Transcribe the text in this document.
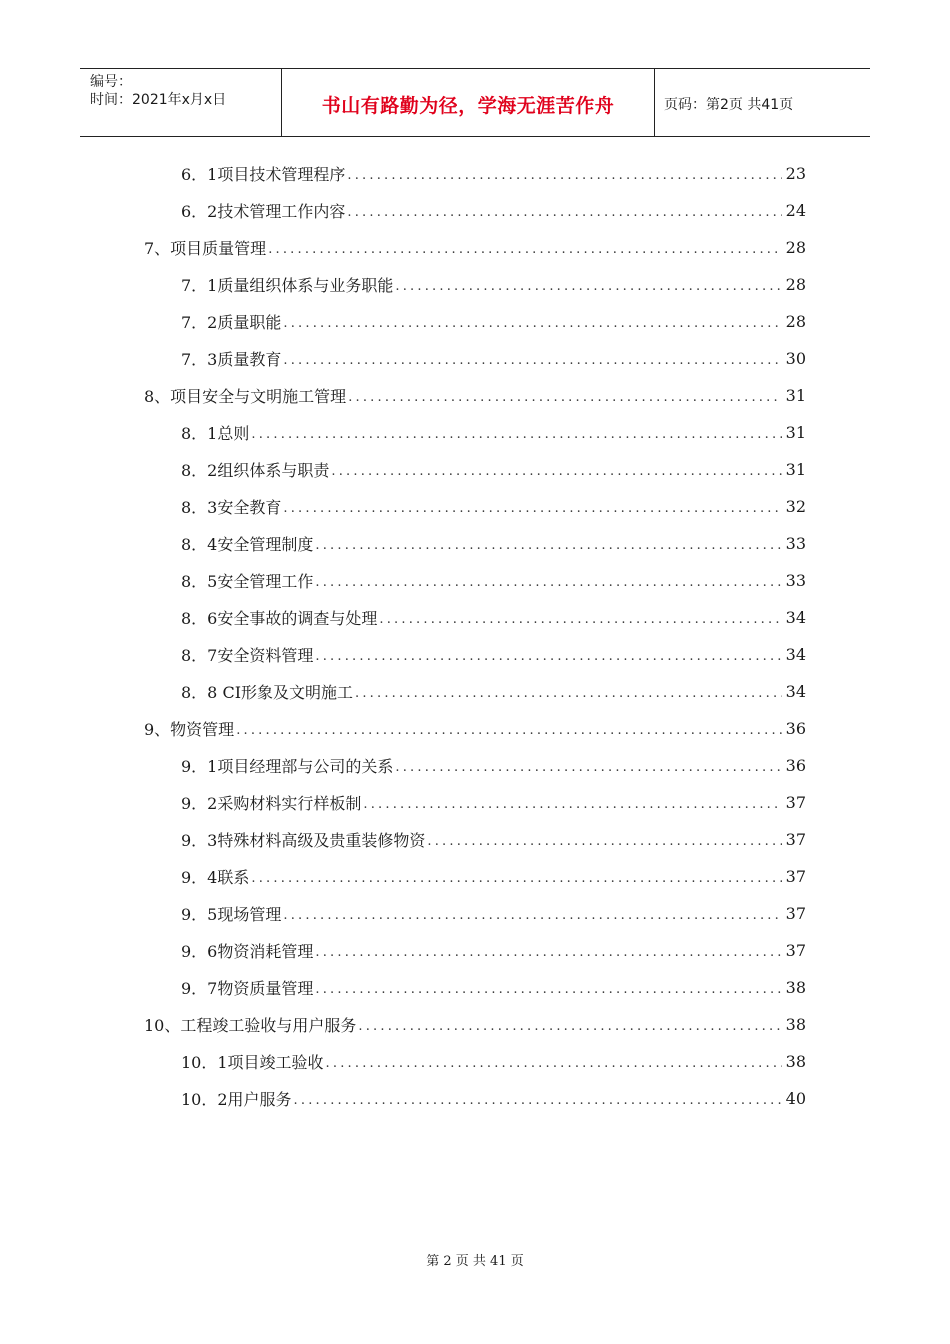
编号：
时间：2021年x月x日	书山有路勤为径，学海无涯苦作舟	页码：第2页 共41页
6．1项目技术管理程序 .....	23
6．2技术管理工作内容 .....	24
7、项目质量管理 .....	28
7．1质量组织体系与业务职能 .....	28
7．2质量职能 .....	28
7．3质量教育 .....	30
8、项目安全与文明施工管理 .....	31
8．1总则 .....	31
8．2组织体系与职责 .....	31
8．3安全教育 .....	32
8．4安全管理制度 .....	33
8．5安全管理工作 .....	33
8．6安全事故的调查与处理 .....	34
8．7安全资料管理 .....	34
8．8 CI形象及文明施工 .....	34
9、物资管理 .....	36
9．1项目经理部与公司的关系 .....	36
9．2采购材料实行样板制 .....	37
9．3特殊材料高级及贵重装修物资 .....	37
9．4联系 .....	37
9．5现场管理 .....	37
9．6物资消耗管理 .....	37
9．7物资质量管理 .....	38
10、工程竣工验收与用户服务 .....	38
10．1项目竣工验收 .....	38
10．2用户服务 .....	40
第 2 页 共 41 页
